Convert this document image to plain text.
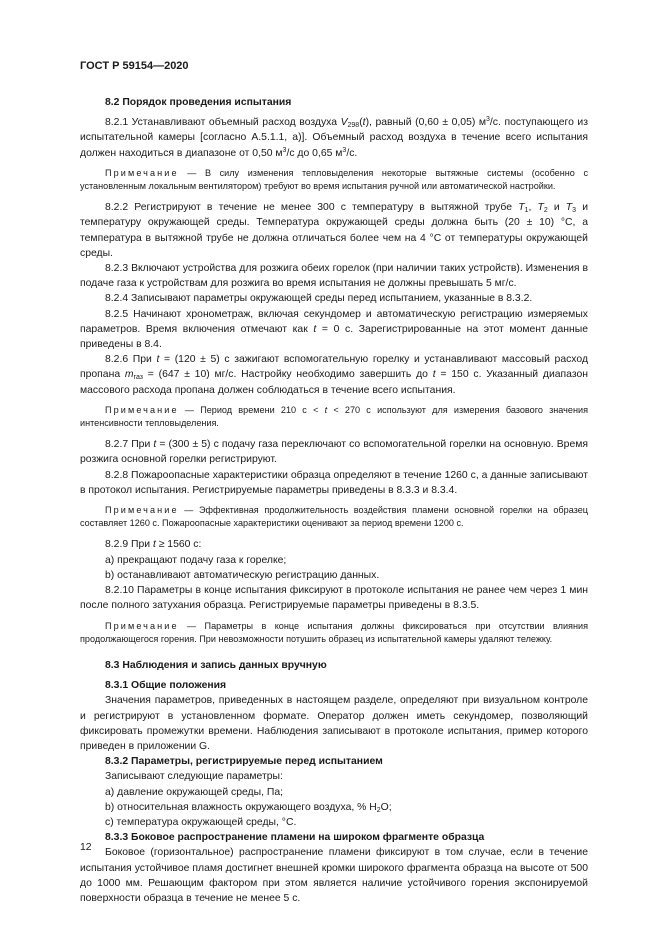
ГОСТ Р 59154—2020

8.2 Порядок проведения испытания

8.2.1 Устанавливают объемный расход воздуха $V_{298}(t)$, равный (0,60 ± 0,05) $м^3/с$. поступающего из испытательной камеры [согласно А.5.1.1, а)]. Объемный расход воздуха в течение всего испытания должен находиться в диапазоне от 0,50 $м^3/с$ до 0,65 $м^3/с$.

Примечание — В силу изменения тепловыделения некоторые вытяжные системы (особенно с установленным локальным вентилятором) требуют во время испытания ручной или автоматической настройки.

8.2.2 Регистрируют в течение не менее 300 с температуру в вытяжной трубе $T_1$, $T_2$ и $T_3$ и температуру окружающей среды. Температура окружающей среды должна быть (20 ± 10) °С, а температура в вытяжной трубе не должна отличаться более чем на 4 °С от температуры окружающей среды.

8.2.3 Включают устройства для розжига обеих горелок (при наличии таких устройств). Изменения в подаче газа к устройствам для розжига во время испытания не должны превышать 5 мг/с.

8.2.4 Записывают параметры окружающей среды перед испытанием, указанные в 8.3.2.

8.2.5 Начинают хронометраж, включая секундомер и автоматическую регистрацию измеряемых параметров. Время включения отмечают как t = 0 с. Зарегистрированные на этот момент данные приведены в 8.4.

8.2.6 При t = (120 ± 5) с зажигают вспомогательную горелку и устанавливают массовый расход пропана $m_{газ} = (647 \pm 10)$ мг/с. Настройку необходимо завершить до t = 150 с. Указанный диапазон массового расхода пропана должен соблюдаться в течение всего испытания.

Примечание — Период времени 210 с < t < 270 с используют для измерения базового значения интенсивности тепловыделения.

8.2.7 При t = (300 ± 5) с подачу газа переключают со вспомогательной горелки на основную. Время розжига основной горелки регистрируют.

8.2.8 Пожароопасные характеристики образца определяют в течение 1260 с, а данные записывают в протокол испытания. Регистрируемые параметры приведены в 8.3.3 и 8.3.4.

Примечание — Эффективная продолжительность воздействия пламени основной горелки на образец составляет 1260 с. Пожароопасные характеристики оценивают за период времени 1200 с.

8.2.9 При t ≥ 1560 с:

a) прекращают подачу газа к горелке;

b) останавливают автоматическую регистрацию данных.

8.2.10 Параметры в конце испытания фиксируют в протоколе испытания не ранее чем через 1 мин после полного затухания образца. Регистрируемые параметры приведены в 8.3.5.

Примечание — Параметры в конце испытания должны фиксироваться при отсутствии влияния продолжающегося горения. При невозможности потушить образец из испытательной камеры удаляют тележку.

8.3 Наблюдения и запись данных вручную

8.3.1 Общие положения

Значения параметров, приведенных в настоящем разделе, определяют при визуальном контроле и регистрируют в установленном формате. Оператор должен иметь секундомер, позволяющий фиксировать промежутки времени. Наблюдения записывают в протоколе испытания, пример которого приведен в приложении G.

8.3.2 Параметры, регистрируемые перед испытанием

Записывают следующие параметры:

a) давление окружающей среды, Па;

b) относительная влажность окружающего воздуха, % $H_2O$;

c) температура окружающей среды, °С.

8.3.3 Боковое распространение пламени на широком фрагменте образца

Боковое (горизонтальное) распространение пламени фиксируют в том случае, если в течение испытания устойчивое пламя достигнет внешней кромки широкого фрагмента образца на высоте от 500 до 1000 мм. Решающим фактором при этом является наличие устойчивого горения экспонируемой поверхности образца в течение не менее 5 с.

12
